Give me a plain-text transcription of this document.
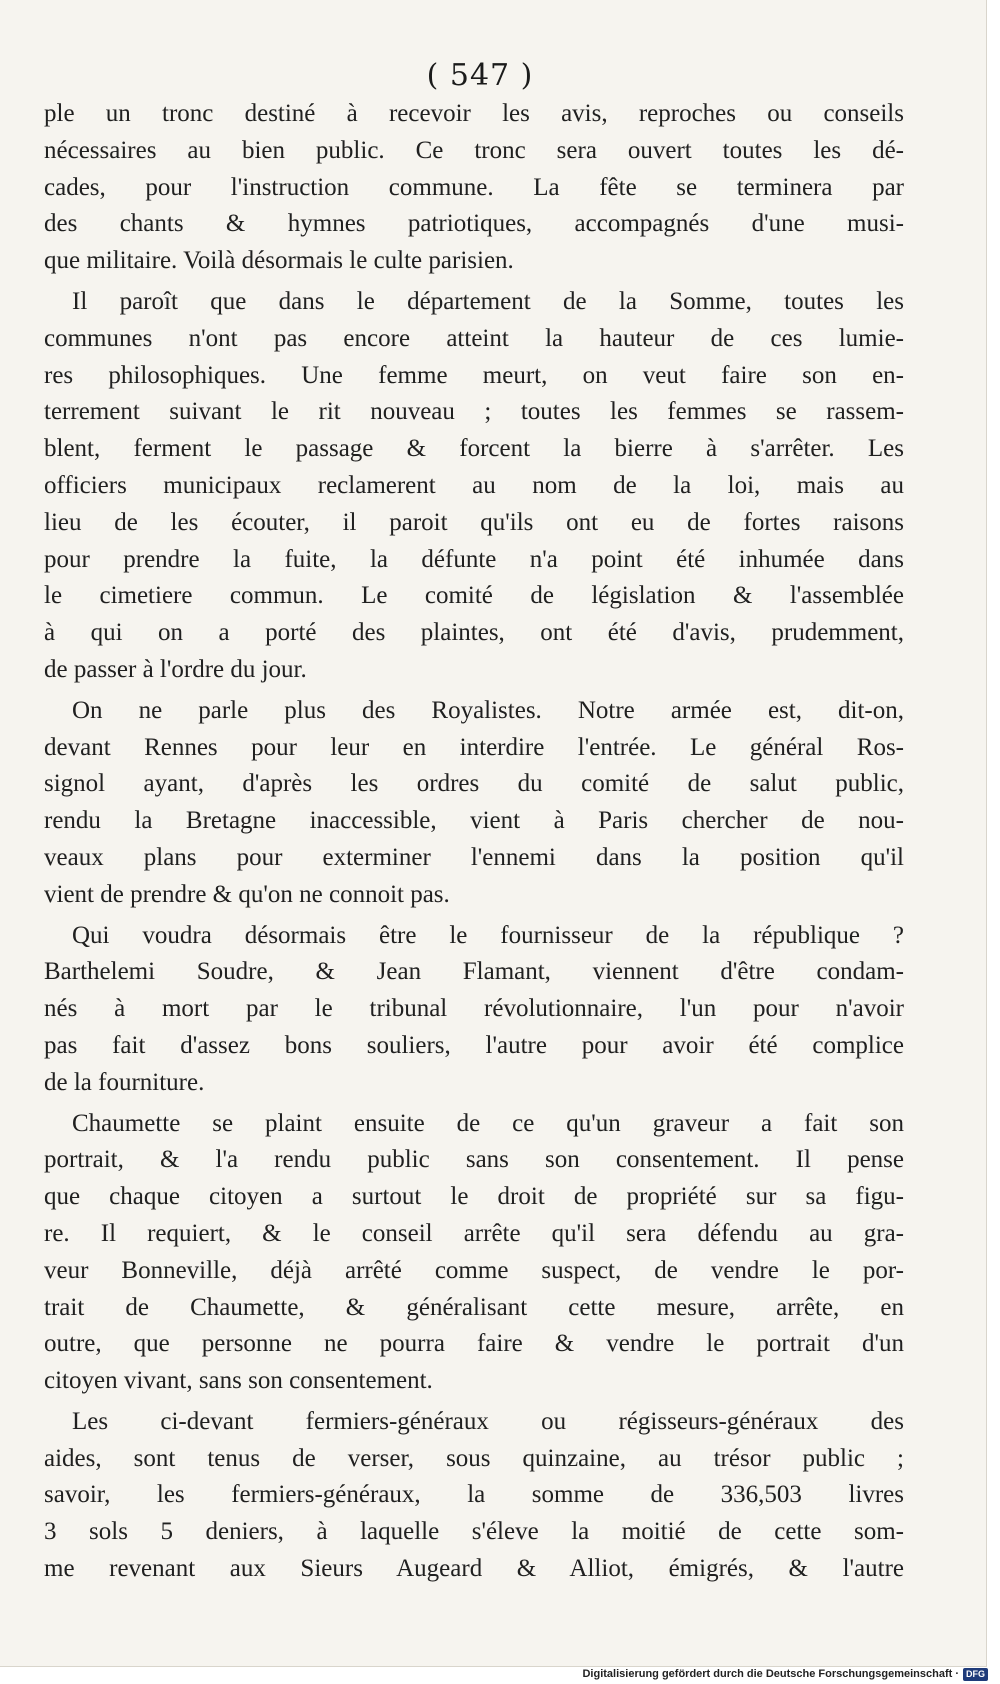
( 547 )
ple un tronc destiné à recevoir les avis, reproches ou conseils
nécessaires au bien public. Ce tronc sera ouvert toutes les dé-
cades, pour l'instruction commune. La fête se terminera par
des chants & hymnes patriotiques, accompagnés d'une musi-
que militaire. Voilà désormais le culte parisien.
Il paroît que dans le département de la Somme, toutes les
communes n'ont pas encore atteint la hauteur de ces lumie-
res philosophiques. Une femme meurt, on veut faire son en-
terrement suivant le rit nouveau ; toutes les femmes se rassem-
blent, ferment le passage & forcent la bierre à s'arrêter. Les
officiers municipaux reclamerent au nom de la loi, mais au
lieu de les écouter, il paroit qu'ils ont eu de fortes raisons
pour prendre la fuite, la défunte n'a point été inhumée dans
le cimetiere commun. Le comité de législation & l'assemblée
à qui on a porté des plaintes, ont été d'avis, prudemment,
de passer à l'ordre du jour.
On ne parle plus des Royalistes. Notre armée est, dit-on,
devant Rennes pour leur en interdire l'entrée. Le général Ros-
signol ayant, d'après les ordres du comité de salut public,
rendu la Bretagne inaccessible, vient à Paris chercher de nou-
veaux plans pour exterminer l'ennemi dans la position qu'il
vient de prendre & qu'on ne connoit pas.
Qui voudra désormais être le fournisseur de la république ?
Barthelemi Soudre, & Jean Flamant, viennent d'être condam-
nés à mort par le tribunal révolutionnaire, l'un pour n'avoir
pas fait d'assez bons souliers, l'autre pour avoir été complice
de la fourniture.
Chaumette se plaint ensuite de ce qu'un graveur a fait son
portrait, & l'a rendu public sans son consentement. Il pense
que chaque citoyen a surtout le droit de propriété sur sa figu-
re. Il requiert, & le conseil arrête qu'il sera défendu au gra-
veur Bonneville, déjà arrêté comme suspect, de vendre le por-
trait de Chaumette, & généralisant cette mesure, arrête, en
outre, que personne ne pourra faire & vendre le portrait d'un
citoyen vivant, sans son consentement.
Les ci-devant fermiers-généraux ou régisseurs-généraux des
aides, sont tenus de verser, sous quinzaine, au trésor public ;
savoir, les fermiers-généraux, la somme de 336,503 livres
3 sols 5 deniers, à laquelle s'éleve la moitié de cette som-
me revenant aux Sieurs Augeard & Alliot, émigrés, & l'autre
Digitalisierung gefördert durch die Deutsche Forschungsgemeinschaft · DFG
